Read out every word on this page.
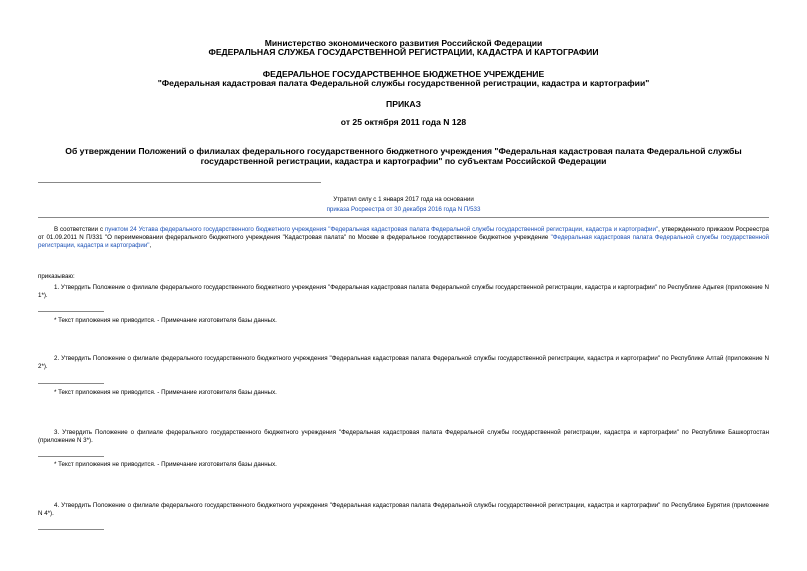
Министерство экономического развития Российской Федерации
ФЕДЕРАЛЬНАЯ СЛУЖБА ГОСУДАРСТВЕННОЙ РЕГИСТРАЦИИ, КАДАСТРА И КАРТОГРАФИИ
ФЕДЕРАЛЬНОЕ ГОСУДАРСТВЕННОЕ БЮДЖЕТНОЕ УЧРЕЖДЕНИЕ
"Федеральная кадастровая палата Федеральной службы государственной регистрации, кадастра и картографии"
ПРИКАЗ
от 25 октября 2011 года N 128
Об утверждении Положений о филиалах федерального государственного бюджетного учреждения "Федеральная кадастровая палата Федеральной службы
государственной регистрации, кадастра и картографии" по субъектам Российской Федерации
Утратил силу с 1 января 2017 года на основании
приказа Росреестра от 30 декабря 2016 года N П/533
В соответствии с пунктом 24 Устава федерального государственного бюджетного учреждения "Федеральная кадастровая палата Федеральной службы государственной регистрации, кадастра и картографии", утвержденного приказом Росреестра от 01.09.2011 N П/331 "О переименовании федерального бюджетного учреждения "Кадастровая палата" по Москве в федеральное государственное бюджетное учреждение "Федеральная кадастровая палата Федеральной службы государственной регистрации, кадастра и картографии",
приказываю:
1. Утвердить Положение о филиале федерального государственного бюджетного учреждения "Федеральная кадастровая палата Федеральной службы государственной регистрации, кадастра и картографии" по Республике Адыгея (приложение N 1*).
* Текст приложения не приводится. - Примечание изготовителя базы данных.
2. Утвердить Положение о филиале федерального государственного бюджетного учреждения "Федеральная кадастровая палата Федеральной службы государственной регистрации, кадастра и картографии" по Республике Алтай (приложение N 2*).
* Текст приложения не приводится. - Примечание изготовителя базы данных.
3. Утвердить Положение о филиале федерального государственного бюджетного учреждения "Федеральная кадастровая палата Федеральной службы государственной регистрации, кадастра и картографии" по Республике Башкортостан (приложение N 3*).
* Текст приложения не приводится. - Примечание изготовителя базы данных.
4. Утвердить Положение о филиале федерального государственного бюджетного учреждения "Федеральная кадастровая палата Федеральной службы государственной регистрации, кадастра и картографии" по Республике Бурятия (приложение N 4*).
